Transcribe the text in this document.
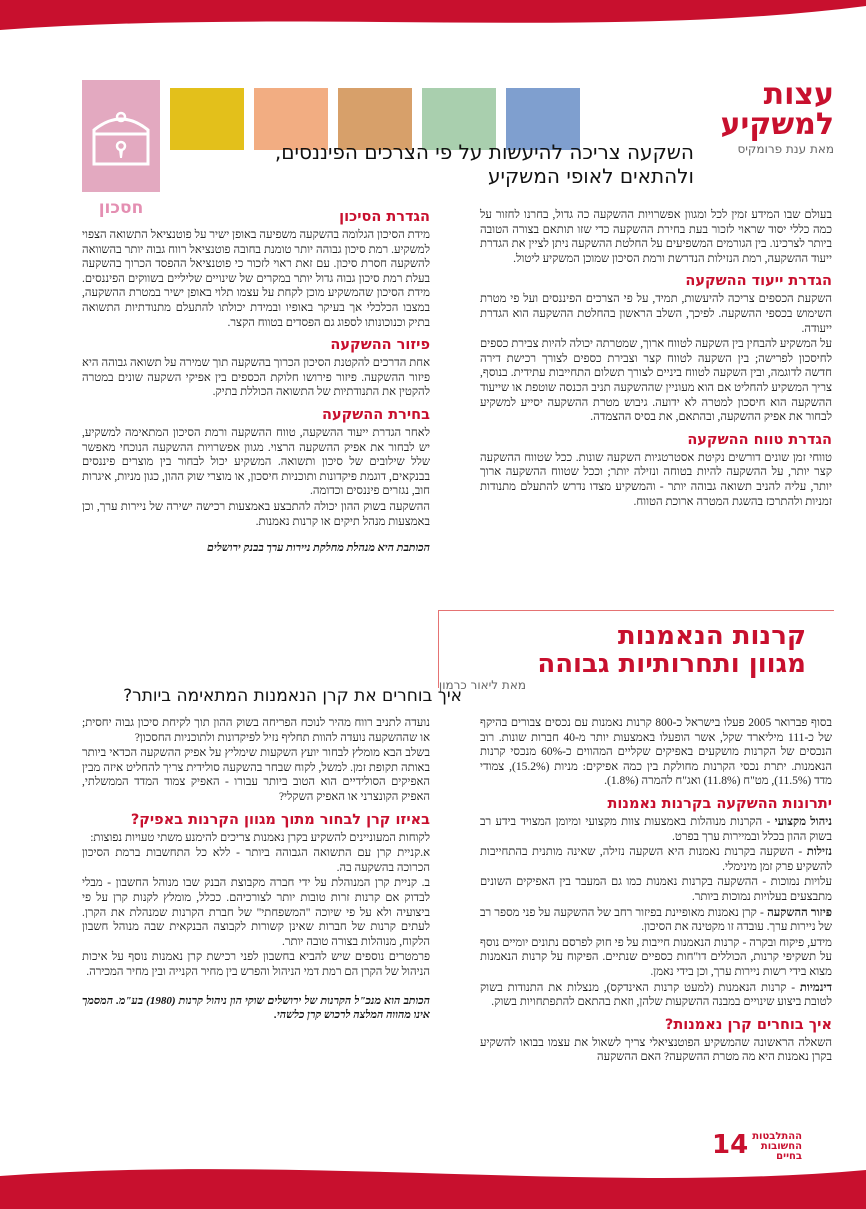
חסכון
עצות
למשקיע
מאת ענת פרומקיס
השקעה צריכה להיעשות על פי הצרכים הפיננסים,
ולהתאים לאופי המשקיע

בעולם שבו המידע זמין לכל ומגוון אפשרויות ההשקעה כה גדול, בחרנו לחזור על כמה כללי יסוד שראוי לזכור בעת בחירת ההשקעה כדי שזו תותאם בצורה הטובה ביותר לצרכינו. בין הגורמים המשפיעים על החלטת ההשקעה ניתן לציין את הגדרת ייעוד ההשקעה, רמת הנזילות הנדרשת ורמת הסיכון שמוכן המשקיע ליטול.

הגדרת ייעוד ההשקעה

השקעת הכספים צריכה להיעשות, תמיד, על פי הצרכים הפיננסים ועל פי מטרת השימוש בכספי ההשקעה. לפיכך, השלב הראשון בהחלטת ההשקעה הוא הגדרת ייעודה.

על המשקיע להבחין בין השקעה לטווח ארוך, שמטרתה יכולה להיות צבירת כספים לחיסכון לפרישה; בין השקעה לטווח קצר וצבירת כספים לצורך רכישת דירה חדשה לדוגמה, ובין השקעה לטווח ביניים לצורך תשלום התחייבות עתידית. בנוסף, צריך המשקיע להחליט אם הוא מעוניין שההשקעה תניב הכנסה שוטפת או שייעוד ההשקעה הוא חיסכון למטרה לא ידועה. גיבוש מטרת ההשקעה יסייע למשקיע לבחור את אפיק ההשקעה, ובהתאם, את בסיס ההצמדה.

הגדרת טווח ההשקעה

טווחי זמן שונים דורשים נקיטת אסטרטגיות השקעה שונות. ככל שטווח ההשקעה קצר יותר, על ההשקעה להיות בטוחה ונזילה יותר; וככל שטווח ההשקעה ארוך יותר, עליה להניב תשואה גבוהה יותר - והמשקיע מצדו נדרש להתעלם מתנודות זמניות ולהתרכז בהשגת המטרה ארוכת הטווח.

הגדרת הסיכון

מידת הסיכון הגלומה בהשקעה משפיעה באופן ישיר על פוטנציאל התשואה הצפוי למשקיע. רמת סיכון גבוהה יותר טומנת בחובה פוטנציאל רווח גבוה יותר בהשוואה להשקעה חסרת סיכון. עם זאת ראוי לזכור כי פוטנציאל ההפסד הכרוך בהשקעה בעלת רמת סיכון גבוה גדול יותר במקרים של שינויים שליליים בשווקים הפיננסים. מידת הסיכון שהמשקיע מוכן לקחת על עצמו תלוי באופן ישיר במטרת ההשקעה, במצבו הכלכלי אך בעיקר באופיו ובמידת יכולתו להתעלם מתנודתיות התשואה בתיק וכנוכונותו לספוג גם הפסדים בטווח הקצר.

פיזור ההשקעה

אחת הדרכים להקטנת הסיכון הכרוך בהשקעה תוך שמירה על תשואה גבוהה היא פיזור ההשקעה. פיזור פירושו חלוקת הכספים בין אפיקי השקעה שונים במטרה להקטין את התנודתיות של התשואה הכוללת בתיק.

בחירת ההשקעה

לאחר הגדרת ייעוד ההשקעה, טווח ההשקעה ורמת הסיכון המתאימה למשקיע, יש לבחור את אפיק ההשקעה הרצוי. מגוון אפשרויות ההשקעה הנוכחי מאפשר שלל שילובים של סיכון ותשואה. המשקיע יכול לבחור בין מוצרים פיננסים בבנקאים, דוגמת פיקדונות ותוכניות חיסכון, או מוצרי שוק ההון, כגון מניות, איגרות חוב, נגזרים פיננסים וכדומה.

ההשקעה בשוק ההון יכולה להתבצע באמצעות רכישה ישירה של ניירות ערך, וכן באמצעות מנהל תיקים או קרנות נאמנות.

הכותבת היא מנהלת מחלקת ניירות ערך בבנק ירושלים

קרנות הנאמנות
מגוון ותחרותיות גבוהה
מאת ליאור כרמון
איך בוחרים את קרן הנאמנות המתאימה ביותר?

בסוף פברואר 2005 פעלו בישראל כ-800 קרנות נאמנות עם נכסים צבורים בהיקף של כ-111 מיליארד שקל, אשר הופעלו באמצעות יותר מ-40 חברות שונות. רוב הנכסים של הקרנות מושקעים באפיקים שקליים המהווים כ-60% מנכסי קרנות הנאמנות. יתרת נכסי הקרנות מחולקת בין כמה אפיקים: מניות (15.2%), צמודי מדד (11.5%), מט"ח (11.8%) ואג"ח להמרה (1.8%).

יתרונות ההשקעה בקרנות נאמנות

ניהול מקצועי - הקרנות מנוהלות באמצעות צוות מקצועי ומיומן המצויד בידע רב בשוק ההון בכלל ובמיירות ערך בפרט.

נזילות - השקעה בקרנות נאמנות היא השקעה נזילה, שאינה מותנית בהתחייבות להשקיע פרק זמן מינימלי.

עלויות נמוכות - ההשקעה בקרנות נאמנות כמו גם המעבר בין האפיקים השונים מתבצעים בעלויות נמוכות ביותר.

פיזור ההשקעה - קרן נאמנות מאופיינת בפיזור רחב של ההשקעה על פני מספר רב של ניירות ערך. עובדה זו מקטינה את הסיכון.

מידע, פיקוח ובקרה - קרנות הנאמנות חייבות על פי חוק לפרסם נתונים יומיים נוסף על תשקיפי קרנות, הכוללים דו"חות כספיים שנתיים. הפיקוח על קרנות הנאמנות מצוא בידי רשות ניירות ערך, וכן בידי נאמן.

דינמיות - קרנות הנאמנות (למעט קרנות האינדקס), מנצלות את התנודות בשוק לטובת ביצוע שינויים במבנה ההשקעות שלהן, וזאת בהתאם להתפתחויות בשוק.

איך בוחרים קרן נאמנות?

השאלה הראשונה שהמשקיע הפוטנציאלי צריך לשאול את עצמו בבואו להשקיע בקרן נאמנות היא מה מטרת ההשקעה? האם ההשקעה

נועדה לתניב רווח מהיר לנוכח הפריחה בשוק ההון תוך לקיחת סיכון גבוה יחסית; או שההשקעה נועדה להוות תחליף נזיל לפיקדונות ולתוכניות החסכון?

בשלב הבא מומלץ לבחור יועץ השקעות שימליץ על אפיק ההשקעה הכדאי ביותר באותה תקופת זמן. למשל, לקוח שבחר בהשקעה סולידית צריך להחליט איזה מבין האפיקים הסולידיים הוא הטוב ביותר עבורו - האפיק צמוד המדד הממשלתי, האפיק הקונצרני או האפיק השקלי?

באיזו קרן לבחור מתוך מגוון הקרנות באפיק?

לקוחות המעוניינים להשקיע בקרן נאמנות צריכים להימנע משתי טעויות נפוצות:

א.קניית קרן עם התשואה הגבוהה ביותר - ללא כל התחשבות ברמת הסיכון הכרוכה בהשקעה בה.

ב. קניית קרן המנוהלת על ידי חברה מקבוצת הבנק שבו מנוהל החשבון - מבלי לבדוק אם קרנות זרות טובות יותר לצורכיהם. ככלל, מומלץ לקנות קרן על פי ביצועיה ולא על פי שיוכה "המשפחתי" של חברת הקרנות שמנהלת את הקרן. לעתים קרנות של חברות שאינן קשורות לקבוצה הבנקאית שבה מנוהל חשבון הלקוח, מנוהלות בצורה טובה יותר.

פרמטרים נוספים שיש להביא בחשבון לפני רכישת קרן נאמנות נוסף על איכות הניהול של הקרן הם רמת דמי הניהול והפרש בין מחיר הקנייה ובין מחיר המכירה.

הכותב הוא מנכ"ל הקרנות של ירושלים שוקי הון ניהול קרנות (1980) בע"מ. המסמך אינו מהווה המלצה לרכוש קרן כלשהי.

14 ההתלבטות
החשובות
בחיים
